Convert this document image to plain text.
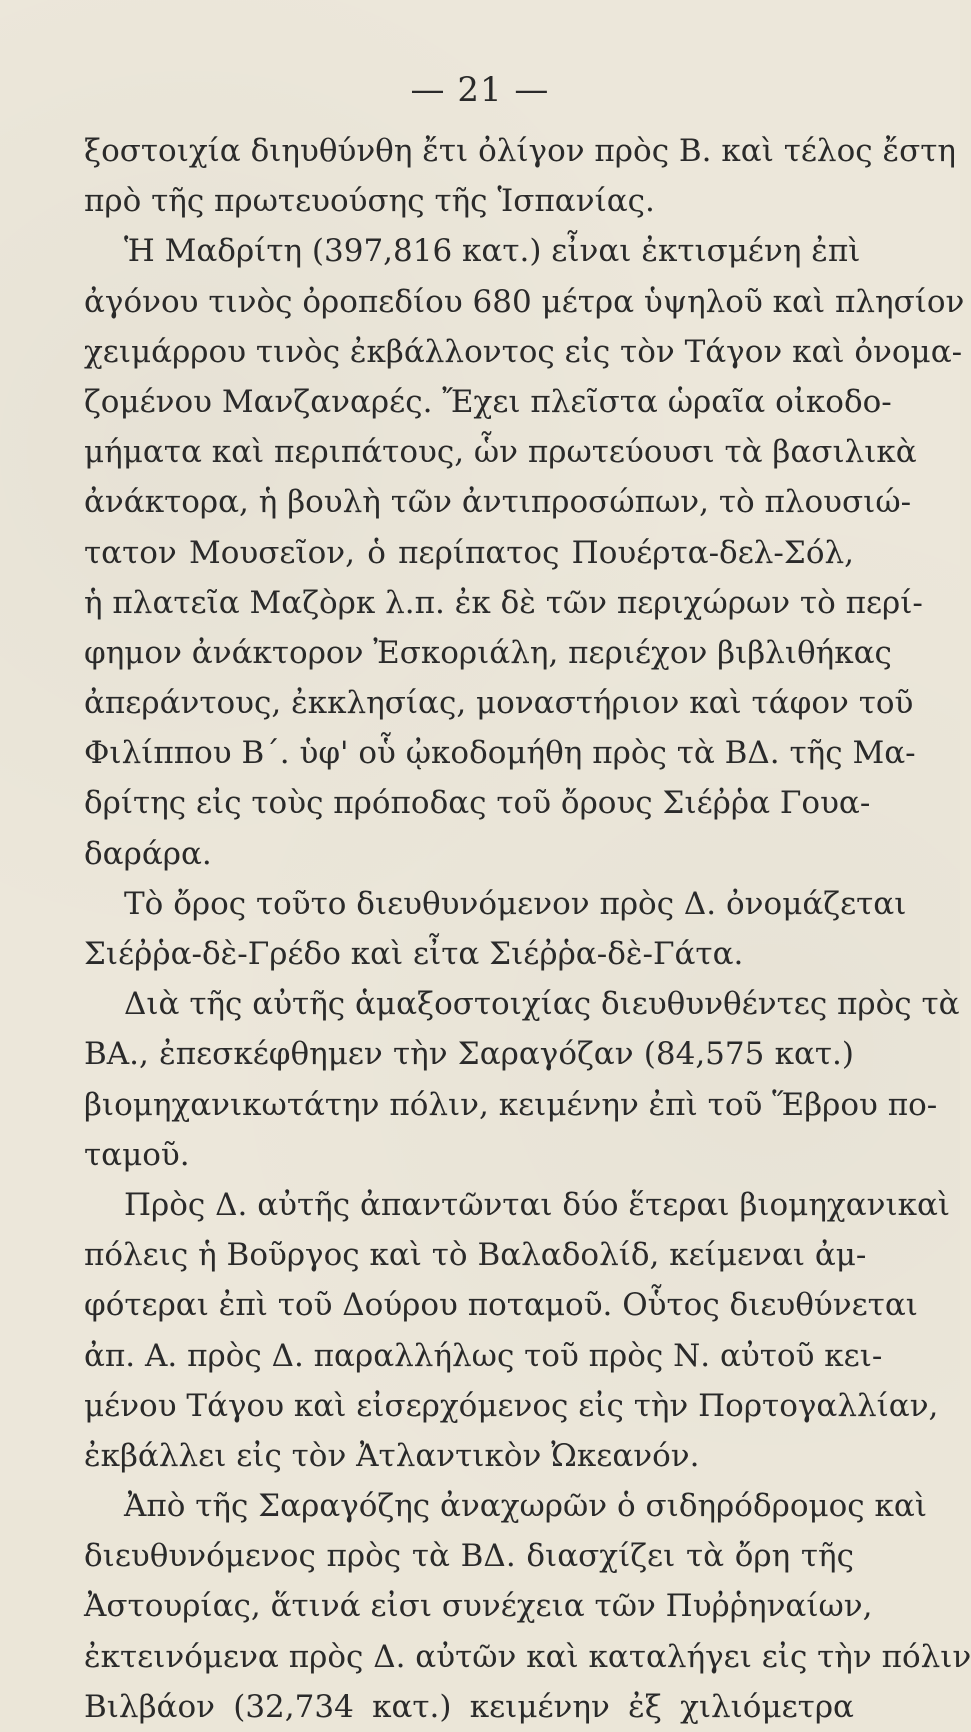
— 21 —
ξοστοιχία διηυθύνθη ἔτι ὀλίγον πρὸς Β. καὶ τέλος ἔστη
πρὸ τῆς πρωτευούσης τῆς Ἱσπανίας.
Ἡ Μαδρίτη (397,816 κατ.) εἶναι ἐκτισμένη ἐπὶ
ἀγόνου τινὸς ὀροπεδίου 680 μέτρα ὑψηλοῦ καὶ πλησίον
χειμάρρου τινὸς ἐκβάλλοντος εἰς τὸν Τάγον καὶ ὀνομα-
ζομένου Μανζαναρές. Ἔχει πλεῖστα ὡραῖα οἰκοδο-
μήματα καὶ περιπάτους, ὧν πρωτεύουσι τὰ βασιλικὰ
ἀνάκτορα, ἡ βουλὴ τῶν ἀντιπροσώπων, τὸ πλουσιώ-
τατον Μουσεῖον, ὁ περίπατος Πουέρτα-δελ-Σόλ,
ἡ πλατεῖα Μαζὸρκ λ.π. ἐκ δὲ τῶν περιχώρων τὸ περί-
φημον ἀνάκτορον Ἐσκοριάλη, περιέχον βιβλιθήκας
ἀπεράντους, ἐκκλησίας, μοναστήριον καὶ τάφον τοῦ
Φιλίππου Β΄. ὑφ' οὗ ᾠκοδομήθη πρὸς τὰ ΒΔ. τῆς Μα-
δρίτης εἰς τοὺς πρόποδας τοῦ ὄρους Σιέῤῥα Γουα-
δαράρα.
Τὸ ὄρος τοῦτο διευθυνόμενον πρὸς Δ. ὀνομάζεται
Σιέῤῥα-δὲ-Γρέδο καὶ εἶτα Σιέῤῥα-δὲ-Γάτα.
Διὰ τῆς αὐτῆς ἁμαξοστοιχίας διευθυνθέντες πρὸς τὰ
ΒΑ., ἐπεσκέφθημεν τὴν Σαραγόζαν (84,575 κατ.)
βιομηχανικωτάτην πόλιν, κειμένην ἐπὶ τοῦ Ἕβρου πο-
ταμοῦ.
Πρὸς Δ. αὐτῆς ἀπαντῶνται δύο ἕτεραι βιομηχανικαὶ
πόλεις ἡ Βοῦργος καὶ τὸ Βαλαδολίδ, κείμεναι ἀμ-
φότεραι ἐπὶ τοῦ Δούρου ποταμοῦ. Οὗτος διευθύνεται
ἀπ. Α. πρὸς Δ. παραλλήλως τοῦ πρὸς Ν. αὐτοῦ κει-
μένου Τάγου καὶ εἰσερχόμενος εἰς τὴν Πορτογαλλίαν,
ἐκβάλλει εἰς τὸν Ἀτλαντικὸν Ὠκεανόν.
Ἀπὸ τῆς Σαραγόζης ἀναχωρῶν ὁ σιδηρόδρομος καὶ
διευθυνόμενος πρὸς τὰ ΒΔ. διασχίζει τὰ ὄρη τῆς
Ἀστουρίας, ἅτινά εἰσι συνέχεια τῶν Πυῤῥηναίων,
ἐκτεινόμενα πρὸς Δ. αὐτῶν καὶ καταλήγει εἰς τὴν πόλιν
Βιλβάον (32,734 κατ.) κειμένην ἐξ χιλιόμετρα
